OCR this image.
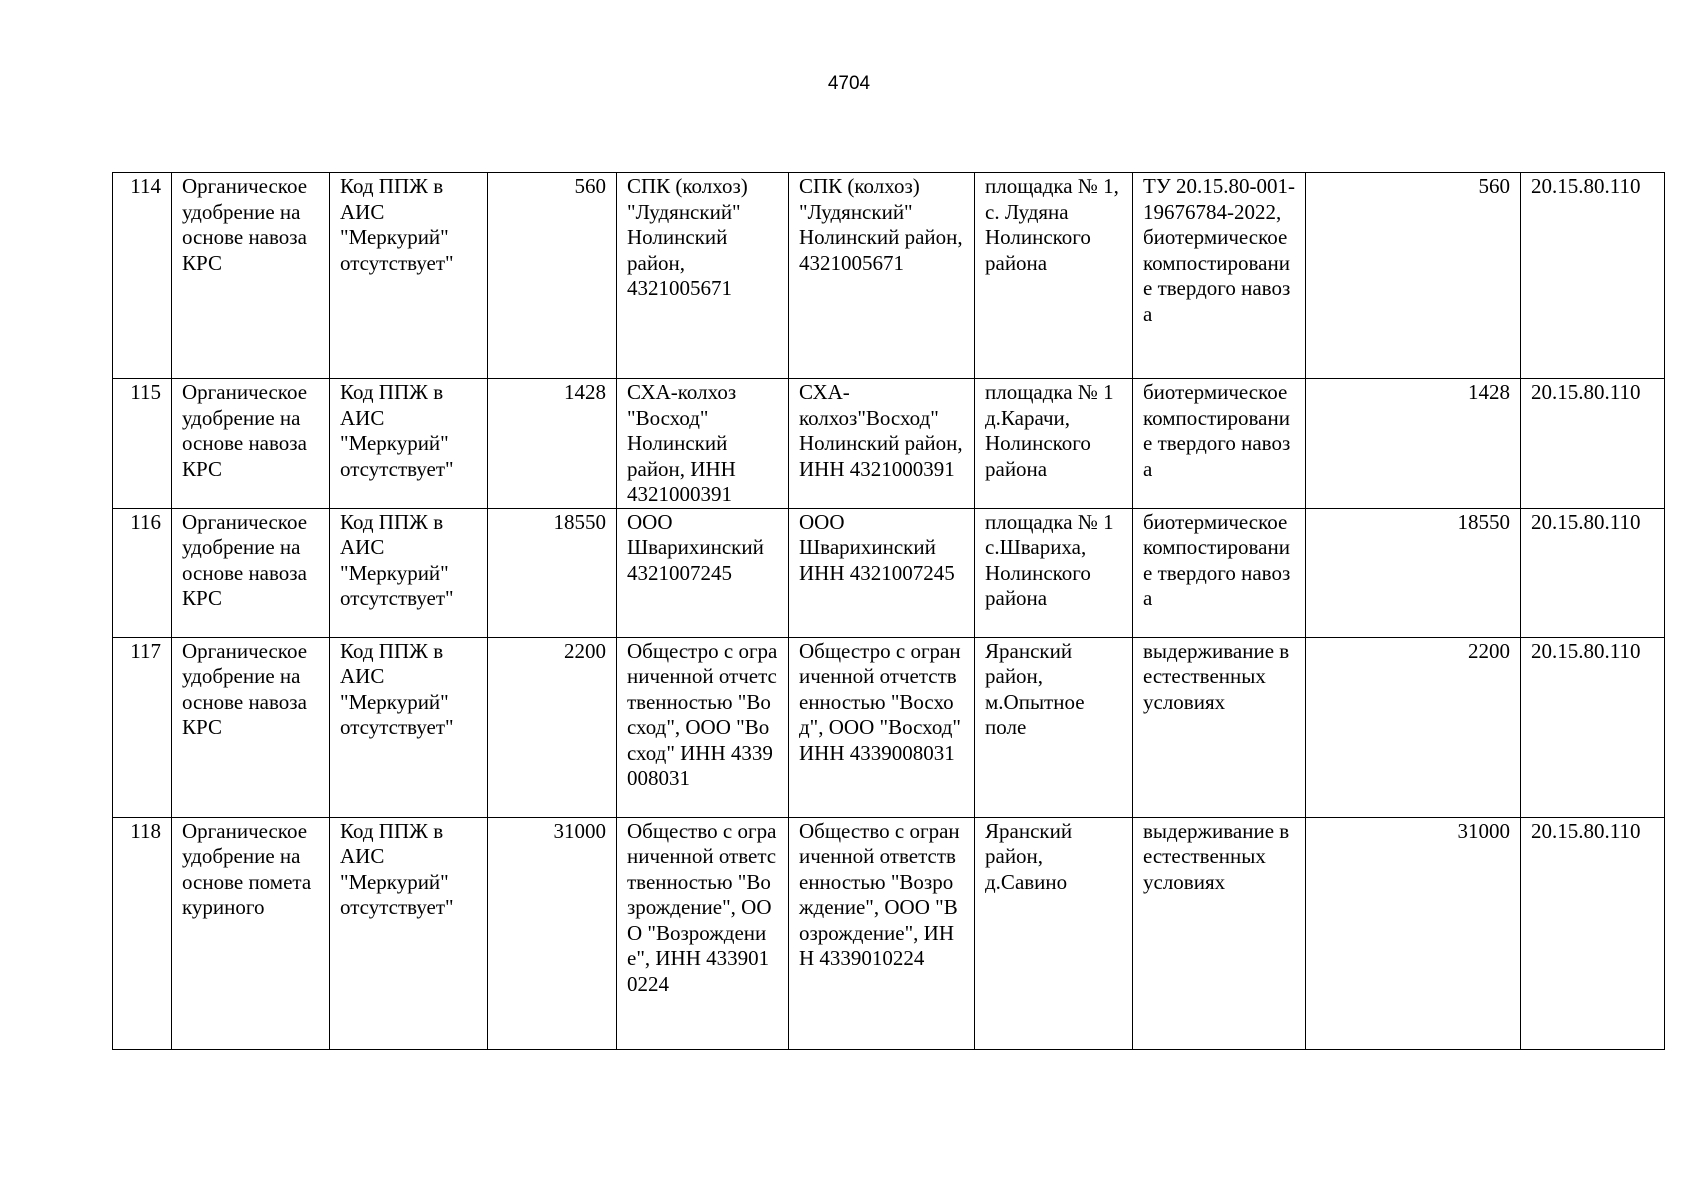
4704
114	Органическое удобрение на основе навоза КРС	Код ППЖ в АИС "Меркурий" отсутствует"	560	СПК (колхоз) "Лудянский" Нолинский район, 4321005671	СПК (колхоз) "Лудянский" Нолинский район, 4321005671	площадка № 1, с. Лудяна Нолинского района	ТУ 20.15.80-001-19676784-2022, биотермическое компостирование твердого навоза	560	20.15.80.110
115	Органическое удобрение на основе навоза КРС	Код ППЖ в АИС "Меркурий" отсутствует"	1428	СХА-колхоз "Восход" Нолинский район, ИНН 4321000391	СХА-колхоз"Восход" Нолинский район, ИНН 4321000391	площадка № 1 д.Карачи, Нолинского района	биотермическое компостирование твердого навоза	1428	20.15.80.110
116	Органическое удобрение на основе навоза КРС	Код ППЖ в АИС "Меркурий" отсутствует"	18550	ООО Шварихинский 4321007245	ООО Шварихинский ИНН 4321007245	площадка № 1 с.Швариха, Нолинского района	биотермическое компостирование твердого навоза	18550	20.15.80.110
117	Органическое удобрение на основе навоза КРС	Код ППЖ в АИС "Меркурий" отсутствует"	2200	Общестро с ограниченной отчетственностью "Восход", ООО "Восход" ИНН 4339008031	Общестро с ограниченной отчетственностью "Восход", ООО "Восход" ИНН 4339008031	Яранский район, м.Опытное поле	выдерживание в естественных условиях	2200	20.15.80.110
118	Органическое удобрение на основе помета куриного	Код ППЖ в АИС "Меркурий" отсутствует"	31000	Общество с ограниченной ответственностью "Возрождение", ООО "Возрождение", ИНН 4339010224	Общество с ограниченной ответственностью "Возрождение", ООО "Возрождение", ИНН 4339010224	Яранский район, д.Савино	выдерживание в естественных условиях	31000	20.15.80.110
